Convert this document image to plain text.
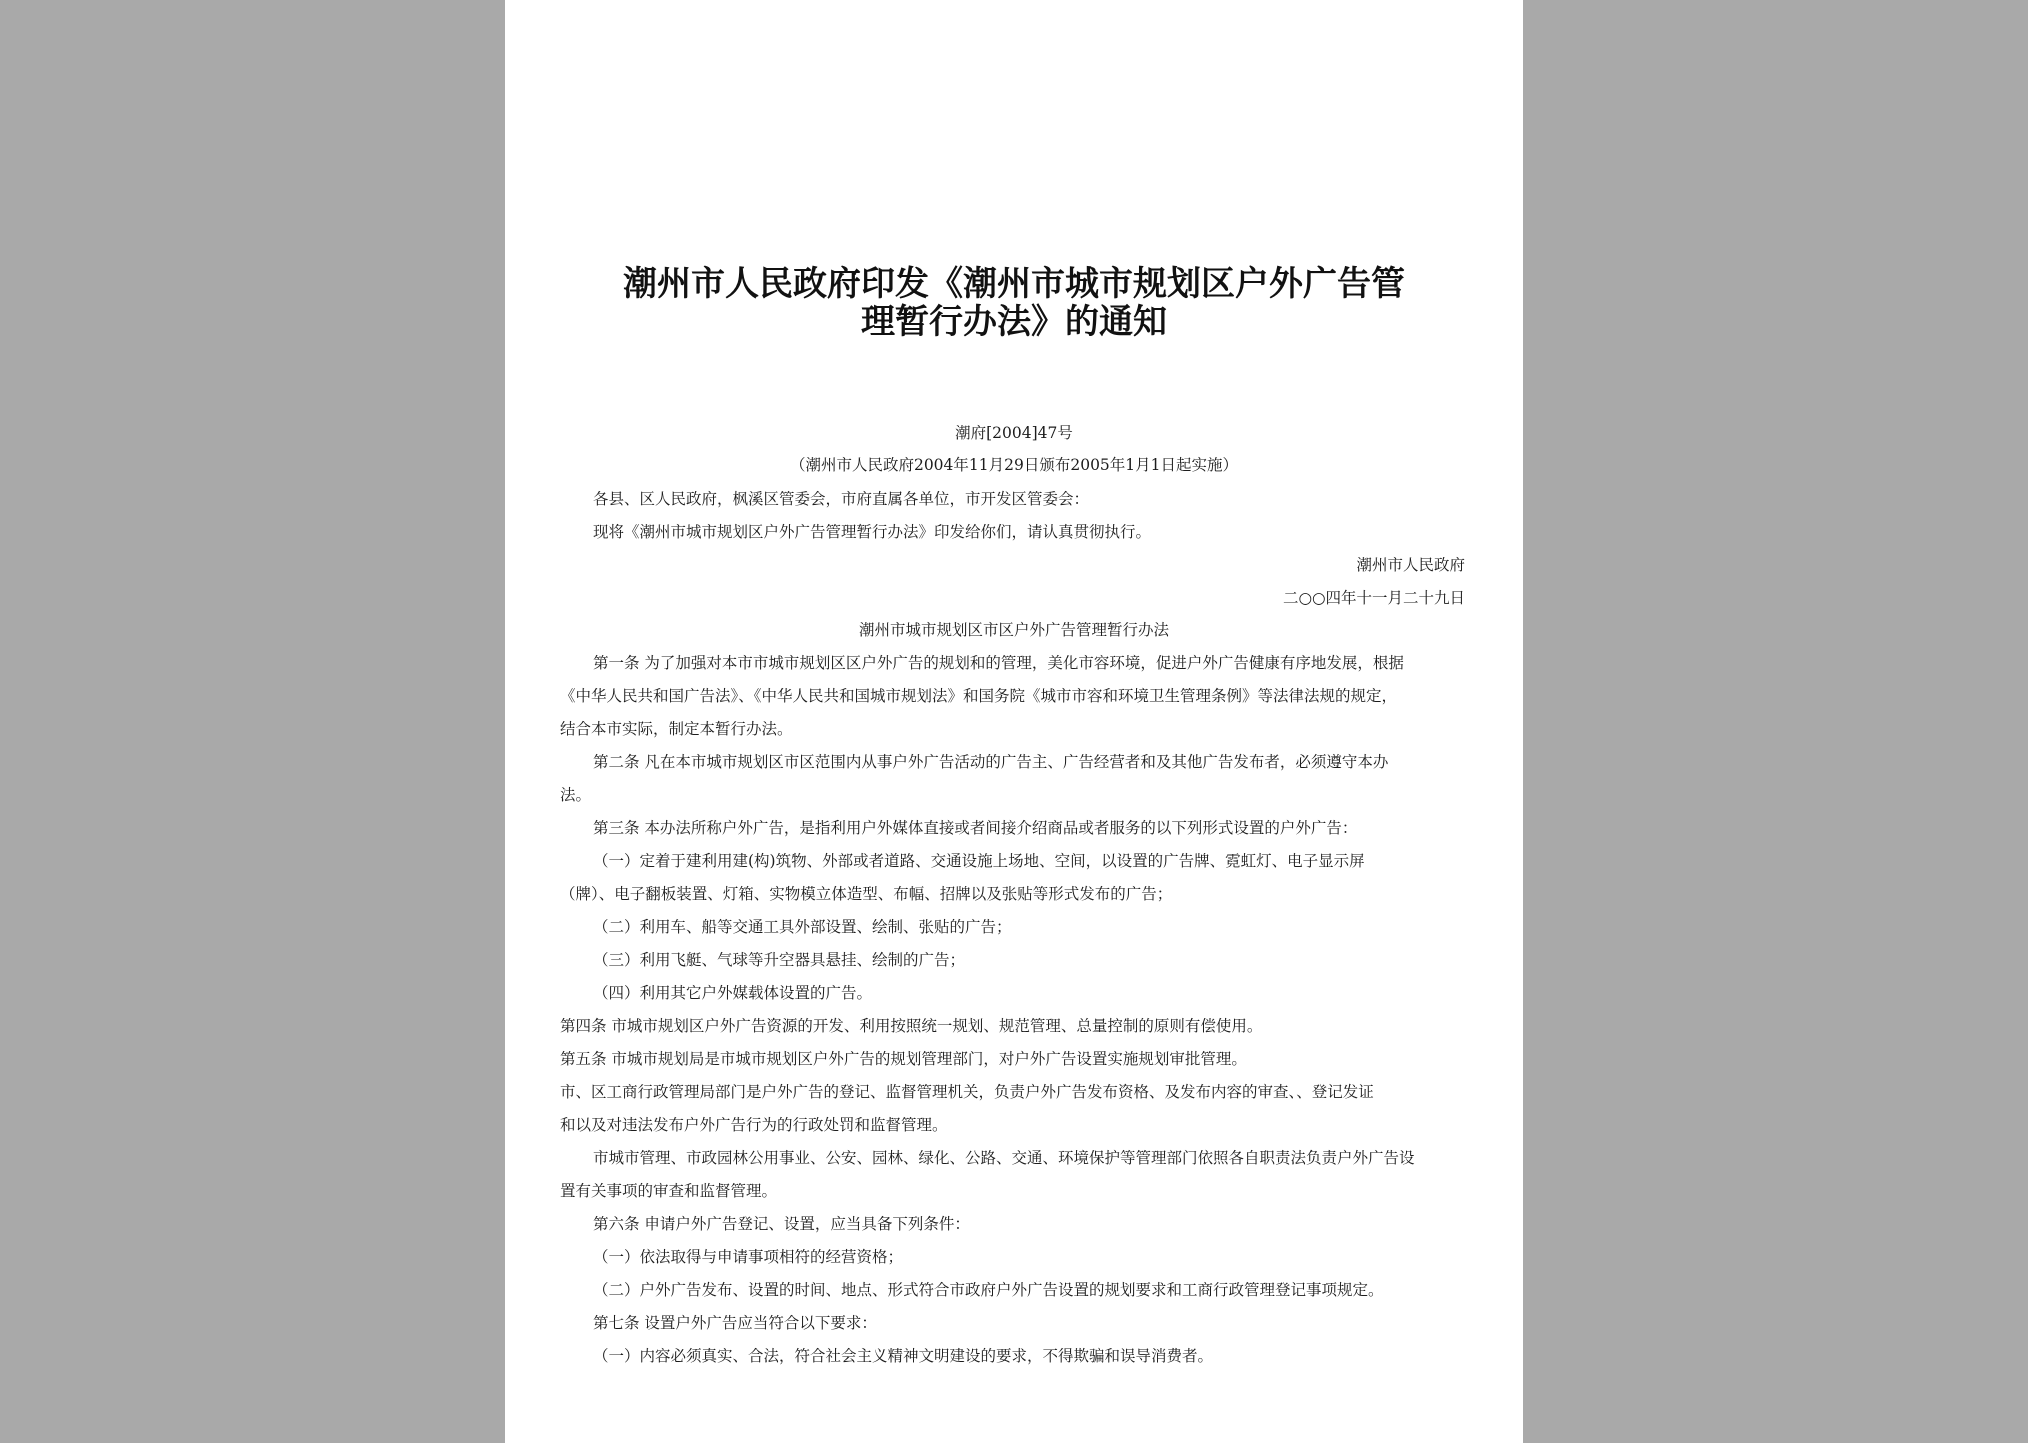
潮州市人民政府印发《潮州市城市规划区户外广告管
理暂行办法》的通知
潮府[2004]47号
（潮州市人民政府2004年11月29日颁布2005年1月1日起实施）
各县、区人民政府，枫溪区管委会，市府直属各单位，市开发区管委会：
现将《潮州市城市规划区户外广告管理暂行办法》印发给你们，请认真贯彻执行。
潮州市人民政府
二○○四年十一月二十九日
潮州市城市规划区市区户外广告管理暂行办法
第一条 为了加强对本市市城市规划区区户外广告的规划和的管理，美化市容环境，促进户外广告健康有序地发展，根据
《中华人民共和国广告法》、《中华人民共和国城市规划法》和国务院《城市市容和环境卫生管理条例》等法律法规的规定，
结合本市实际，制定本暂行办法。
第二条 凡在本市城市规划区市区范围内从事户外广告活动的广告主、广告经营者和及其他广告发布者，必须遵守本办
法。
第三条 本办法所称户外广告，是指利用户外媒体直接或者间接介绍商品或者服务的以下列形式设置的户外广告：
（一）定着于建利用建(构)筑物、外部或者道路、交通设施上场地、空间，以设置的广告牌、霓虹灯、电子显示屏
（牌）、电子翻板装置、灯箱、实物模立体造型、布幅、招牌以及张贴等形式发布的广告；
（二）利用车、船等交通工具外部设置、绘制、张贴的广告；
（三）利用飞艇、气球等升空器具悬挂、绘制的广告；
（四）利用其它户外媒载体设置的广告。
第四条 市城市规划区户外广告资源的开发、利用按照统一规划、规范管理、总量控制的原则有偿使用。
第五条 市城市规划局是市城市规划区户外广告的规划管理部门，对户外广告设置实施规划审批管理。
市、区工商行政管理局部门是户外广告的登记、监督管理机关，负责户外广告发布资格、及发布内容的审查、、登记发证
和以及对违法发布户外广告行为的行政处罚和监督管理。
市城市管理、市政园林公用事业、公安、园林、绿化、公路、交通、环境保护等管理部门依照各自职责法负责户外广告设
置有关事项的审查和监督管理。
第六条 申请户外广告登记、设置，应当具备下列条件：
（一）依法取得与申请事项相符的经营资格；
（二）户外广告发布、设置的时间、地点、形式符合市政府户外广告设置的规划要求和工商行政管理登记事项规定。
第七条 设置户外广告应当符合以下要求：
（一）内容必须真实、合法，符合社会主义精神文明建设的要求，不得欺骗和误导消费者。
